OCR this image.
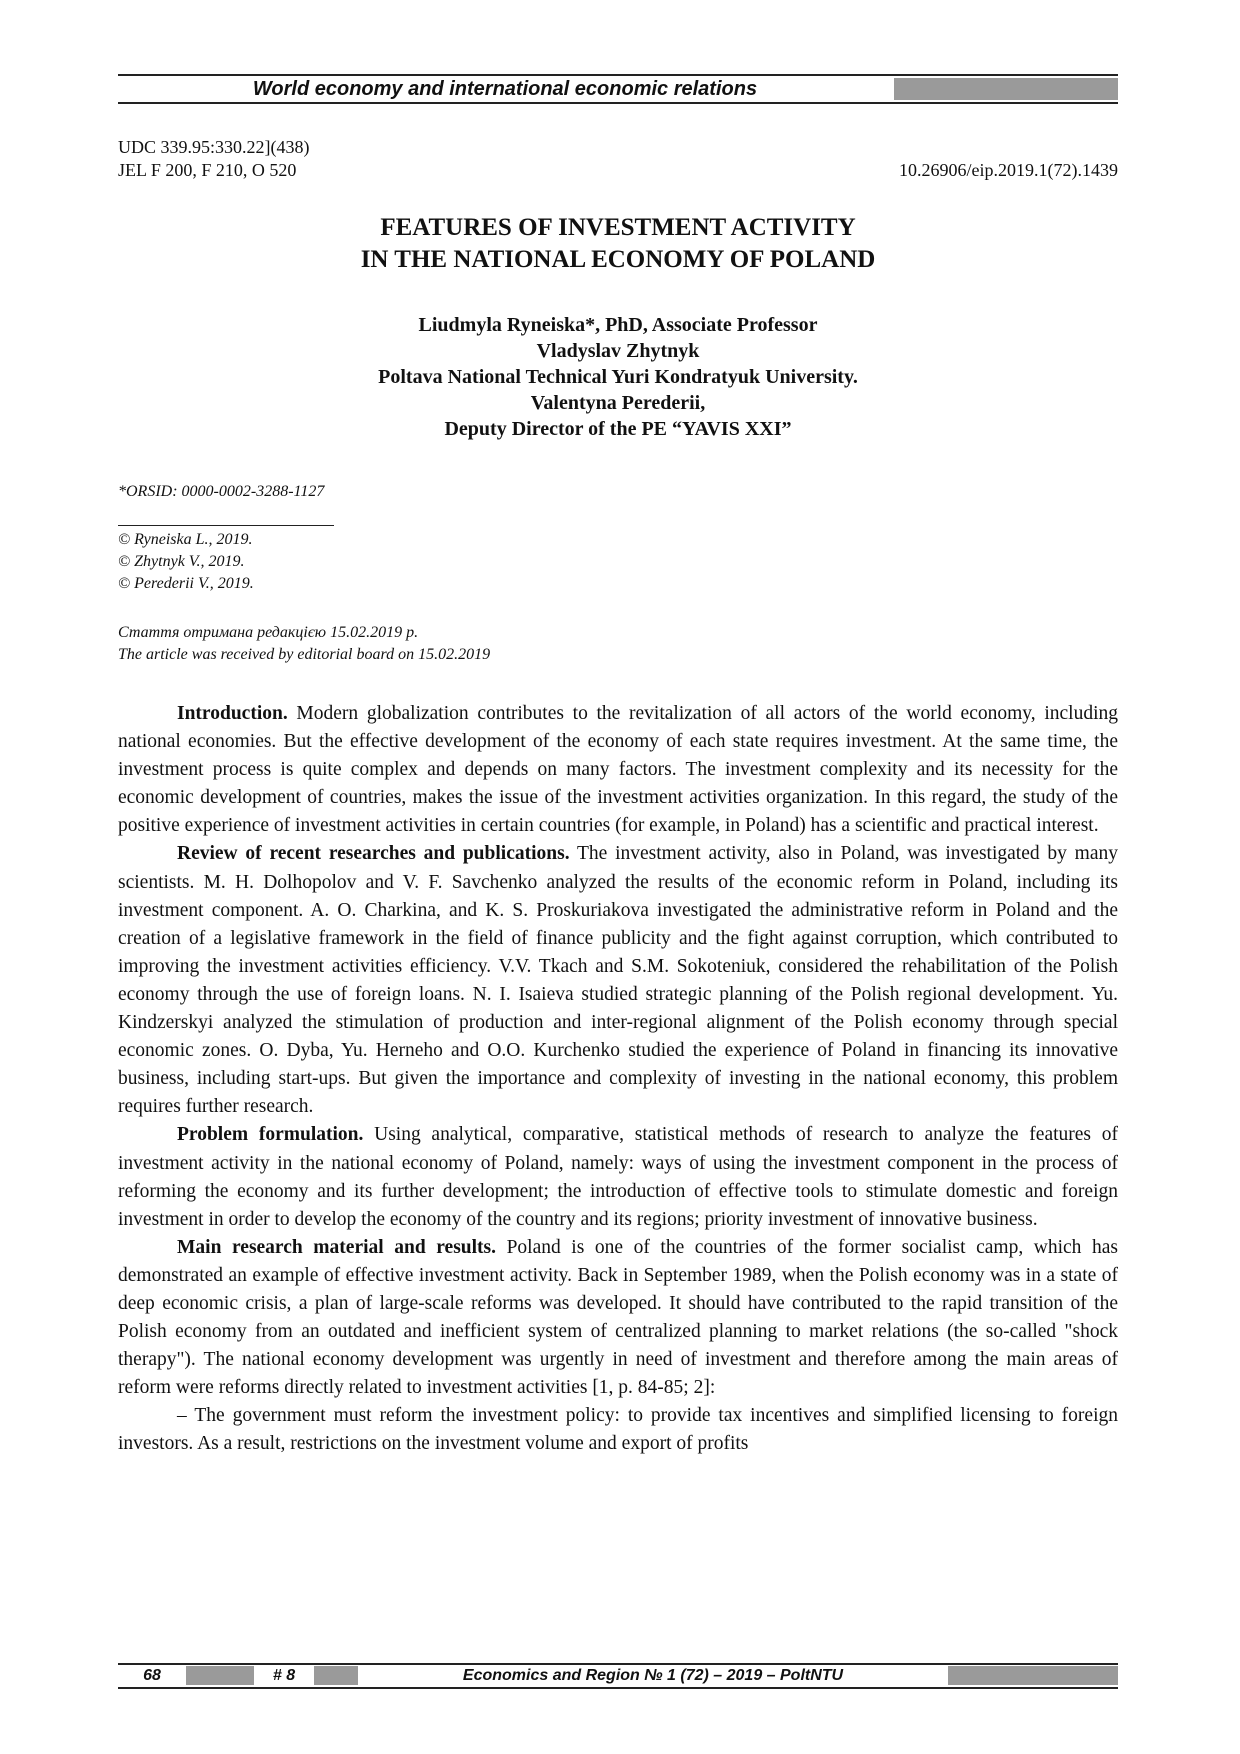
World economy and international economic relations
UDC 339.95:330.22](438)
JEL F 200, F 210, O 520	10.26906/eip.2019.1(72).1439
FEATURES OF INVESTMENT ACTIVITY
IN THE NATIONAL ECONOMY OF POLAND
Liudmyla Ryneiska*, PhD, Associate Professor
Vladyslav Zhytnyk
Poltava National Technical Yuri Kondratyuk University.
Valentyna Perederii,
Deputy Director of the PE “YAVIS XXI”
*ORSID: 0000-0002-3288-1127
© Ryneiska L., 2019.
© Zhytnyk V., 2019.
© Perederii V., 2019.
Стаття отримана редакцією 15.02.2019 р.
The article was received by editorial board on 15.02.2019

Introduction. Modern globalization contributes to the revitalization of all actors of the world economy, including national economies. But the effective development of the economy of each state requires investment. At the same time, the investment process is quite complex and depends on many factors. The investment complexity and its necessity for the economic development of countries, makes the issue of the investment activities organization. In this regard, the study of the positive experience of investment activities in certain countries (for example, in Poland) has a scientific and practical interest.

Review of recent researches and publications. The investment activity, also in Poland, was investigated by many scientists. M. H. Dolhopolov and V. F. Savchenko analyzed the results of the economic reform in Poland, including its investment component. A. O. Charkina, and K. S. Proskuriakova investigated the administrative reform in Poland and the creation of a legislative framework in the field of finance publicity and the fight against corruption, which contributed to improving the investment activities efficiency. V.V. Tkach and S.M. Sokoteniuk, considered the rehabilitation of the Polish economy through the use of foreign loans. N. I. Isaieva studied strategic planning of the Polish regional development. Yu. Kindzerskyi analyzed the stimulation of production and inter-regional alignment of the Polish economy through special economic zones. O. Dyba, Yu. Herneho and O.O. Kurchenko studied the experience of Poland in financing its innovative business, including start-ups. But given the importance and complexity of investing in the national economy, this problem requires further research.

Problem formulation. Using analytical, comparative, statistical methods of research to analyze the features of investment activity in the national economy of Poland, namely: ways of using the investment component in the process of reforming the economy and its further development; the introduction of effective tools to stimulate domestic and foreign investment in order to develop the economy of the country and its regions; priority investment of innovative business.

Main research material and results. Poland is one of the countries of the former socialist camp, which has demonstrated an example of effective investment activity. Back in September 1989, when the Polish economy was in a state of deep economic crisis, a plan of large-scale reforms was developed. It should have contributed to the rapid transition of the Polish economy from an outdated and inefficient system of centralized planning to market relations (the so-called "shock therapy"). The national economy development was urgently in need of investment and therefore among the main areas of reform were reforms directly related to investment activities [1, p. 84-85; 2]:

– The government must reform the investment policy: to provide tax incentives and simplified licensing to foreign investors. As a result, restrictions on the investment volume and export of profits

68	# 8	Economics and Region № 1 (72) – 2019 – PoltNTU
